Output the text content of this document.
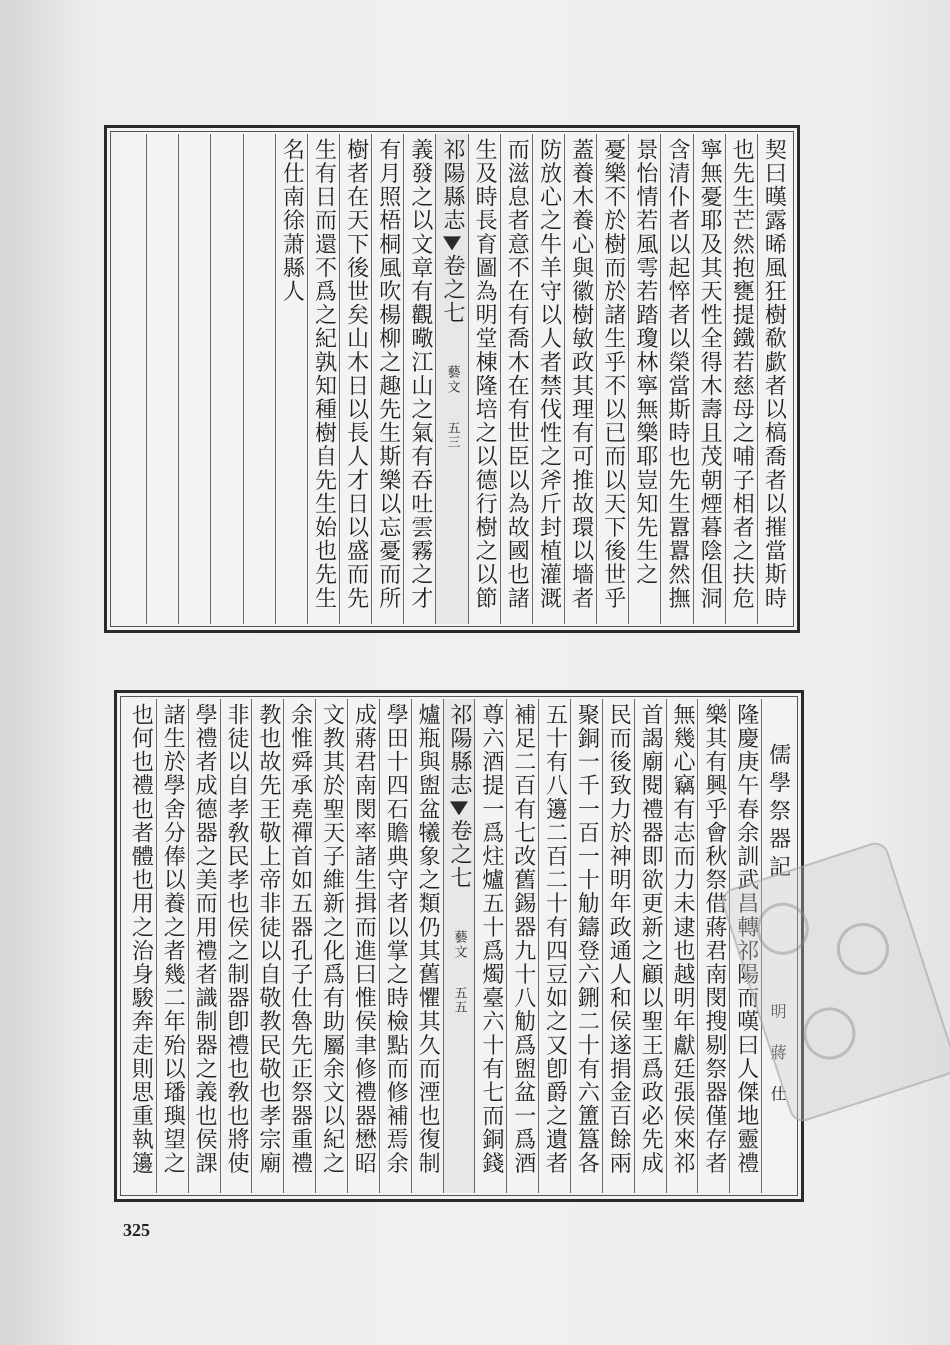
契曰暵露晞風狂樹欷歔者以槁喬者以摧當斯時
也先生芒然抱甕提鐵若慈母之哺子相者之扶危
寧無憂耶及其天性全得木壽且茂朝煙暮陰伹洞
含清仆者以起悴者以榮當斯時也先生囂囂然撫
景怡情若風雩若踏瓊林寧無樂耶豈知先生之
憂樂不於樹而於諸生乎不以已而以天下後世乎
蓋養木養心與徽樹敏政其理有可推故環以墻者
防放心之牛羊守以人者禁伐性之斧斤封植灌溉
而滋息者意不在有喬木在有世臣以為故國也諸
生及時長育圖為明堂棟隆培之以德行樹之以節
祁陽縣志
卷之七
藝文
五三
義發之以文章有觀曔江山之氣有吞吐雲霧之才
有月照梧桐風吹楊柳之趣先生斯樂以忘憂而所
樹者在天下後世矣山木日以長人才日以盛而先
生有日而還不爲之紀孰知種樹自先生始也先生
名仕南徐萧縣人
儒學祭器記
明 蔣 仕
隆慶庚午春余訓武昌轉祁陽而嘆曰人傑地靈禮
樂其有興乎會秋祭借蔣君南閔搜剔祭器僅存者
無幾心竊有志而力未逮也越明年獻廷張侯來祁
首謁廟閱禮器即欲更新之顧以聖王爲政必先成
民而後致力於神明年政通人和侯遂捐金百餘兩
聚銅一千一百一十觔鑄登六鉶二十有六簠簋各
五十有八籩二百二十有四豆如之又卽爵之遺者
補足二百有七改舊錫器九十八觔爲盥盆一爲酒
尊六酒提一爲炷爐五十爲燭臺六十有七而銅錢
祁陽縣志
卷之七
藝文
五五
爐瓶與盥盆犧象之類仍其舊懼其久而湮也復制
學田十四石贍典守者以掌之時檢點而修補焉余
成蔣君南閔率諸生揖而進曰惟侯聿修禮器懋昭
文教其於聖天子維新之化爲有助屬余文以紀之
余惟舜承堯禪首如五器孔子仕魯先正祭器重禮
教也故先王敬上帝非徒以自敬教民敬也孝宗廟
非徒以自孝敎民孝也侯之制器卽禮也敎也將使
學禮者成德器之美而用禮者識制器之義也侯課
諸生於學舍分俸以養之者幾二年殆以璠璵望之
也何也禮也者體也用之治身駿奔走則思重執籩
325
